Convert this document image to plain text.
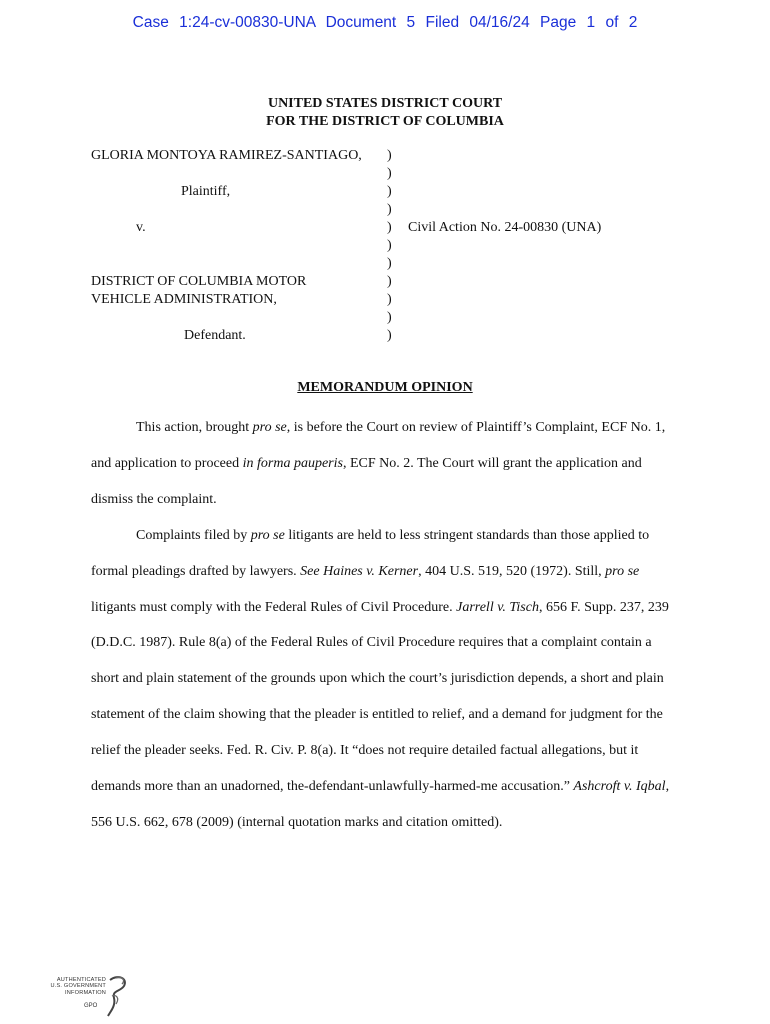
Case 1:24-cv-00830-UNA Document 5 Filed 04/16/24 Page 1 of 2
UNITED STATES DISTRICT COURT
FOR THE DISTRICT OF COLUMBIA
GLORIA MONTOYA RAMIREZ-SANTIAGO,
Plaintiff,
v.
DISTRICT OF COLUMBIA MOTOR
VEHICLE ADMINISTRATION,
Defendant.
)
)
)
)
)
)
)
)
)
)
)
Civil Action No. 24-00830 (UNA)
MEMORANDUM OPINION

This action, brought pro se, is before the Court on review of Plaintiff’s Complaint, ECF No. 1, and application to proceed in forma pauperis, ECF No. 2. The Court will grant the application and dismiss the complaint.

Complaints filed by pro se litigants are held to less stringent standards than those applied to formal pleadings drafted by lawyers. See Haines v. Kerner, 404 U.S. 519, 520 (1972). Still, pro se litigants must comply with the Federal Rules of Civil Procedure. Jarrell v. Tisch, 656 F. Supp. 237, 239 (D.D.C. 1987). Rule 8(a) of the Federal Rules of Civil Procedure requires that a complaint contain a short and plain statement of the grounds upon which the court’s jurisdiction depends, a short and plain statement of the claim showing that the pleader is entitled to relief, and a demand for judgment for the relief the pleader seeks. Fed. R. Civ. P. 8(a). It “does not require detailed factual allegations, but it demands more than an unadorned, the-defendant-unlawfully-harmed-me accusation.” Ashcroft v. Iqbal, 556 U.S. 662, 678 (2009) (internal quotation marks and citation omitted).

AUTHENTICATED
U.S. GOVERNMENT
INFORMATION
GPO
